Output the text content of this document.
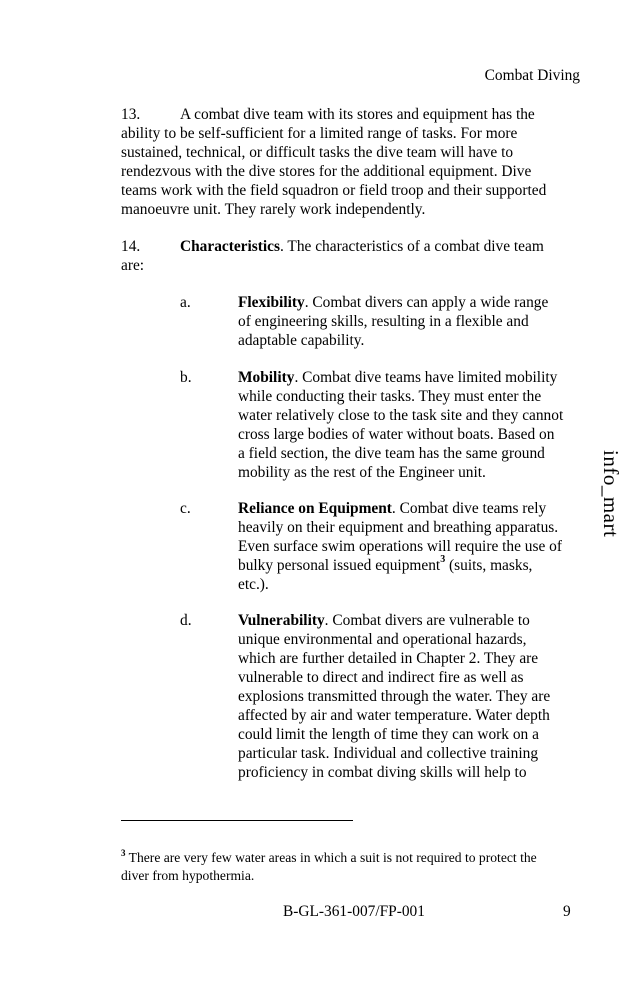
Combat Diving
13.	A combat dive team with its stores and equipment has the
ability to be self-sufficient for a limited range of tasks. For more
sustained, technical, or difficult tasks the dive team will have to
rendezvous with the dive stores for the additional equipment. Dive
teams work with the field squadron or field troop and their supported
manoeuvre unit. They rarely work independently.
14.	Characteristics. The characteristics of a combat dive team
are:
a.	Flexibility. Combat divers can apply a wide range
of engineering skills, resulting in a flexible and
adaptable capability.
b.	Mobility. Combat dive teams have limited mobility
while conducting their tasks. They must enter the
water relatively close to the task site and they cannot
cross large bodies of water without boats. Based on
a field section, the dive team has the same ground
mobility as the rest of the Engineer unit.
c.	Reliance on Equipment. Combat dive teams rely
heavily on their equipment and breathing apparatus.
Even surface swim operations will require the use of
bulky personal issued equipment$^3$ (suits, masks,
etc.).
d.	Vulnerability. Combat divers are vulnerable to
unique environmental and operational hazards,
which are further detailed in Chapter 2. They are
vulnerable to direct and indirect fire as well as
explosions transmitted through the water. They are
affected by air and water temperature. Water depth
could limit the length of time they can work on a
particular task. Individual and collective training
proficiency in combat diving skills will help to
info_mart
$^3$ There are very few water areas in which a suit is not required to protect the
diver from hypothermia.
B-GL-361-007/FP-001	9
